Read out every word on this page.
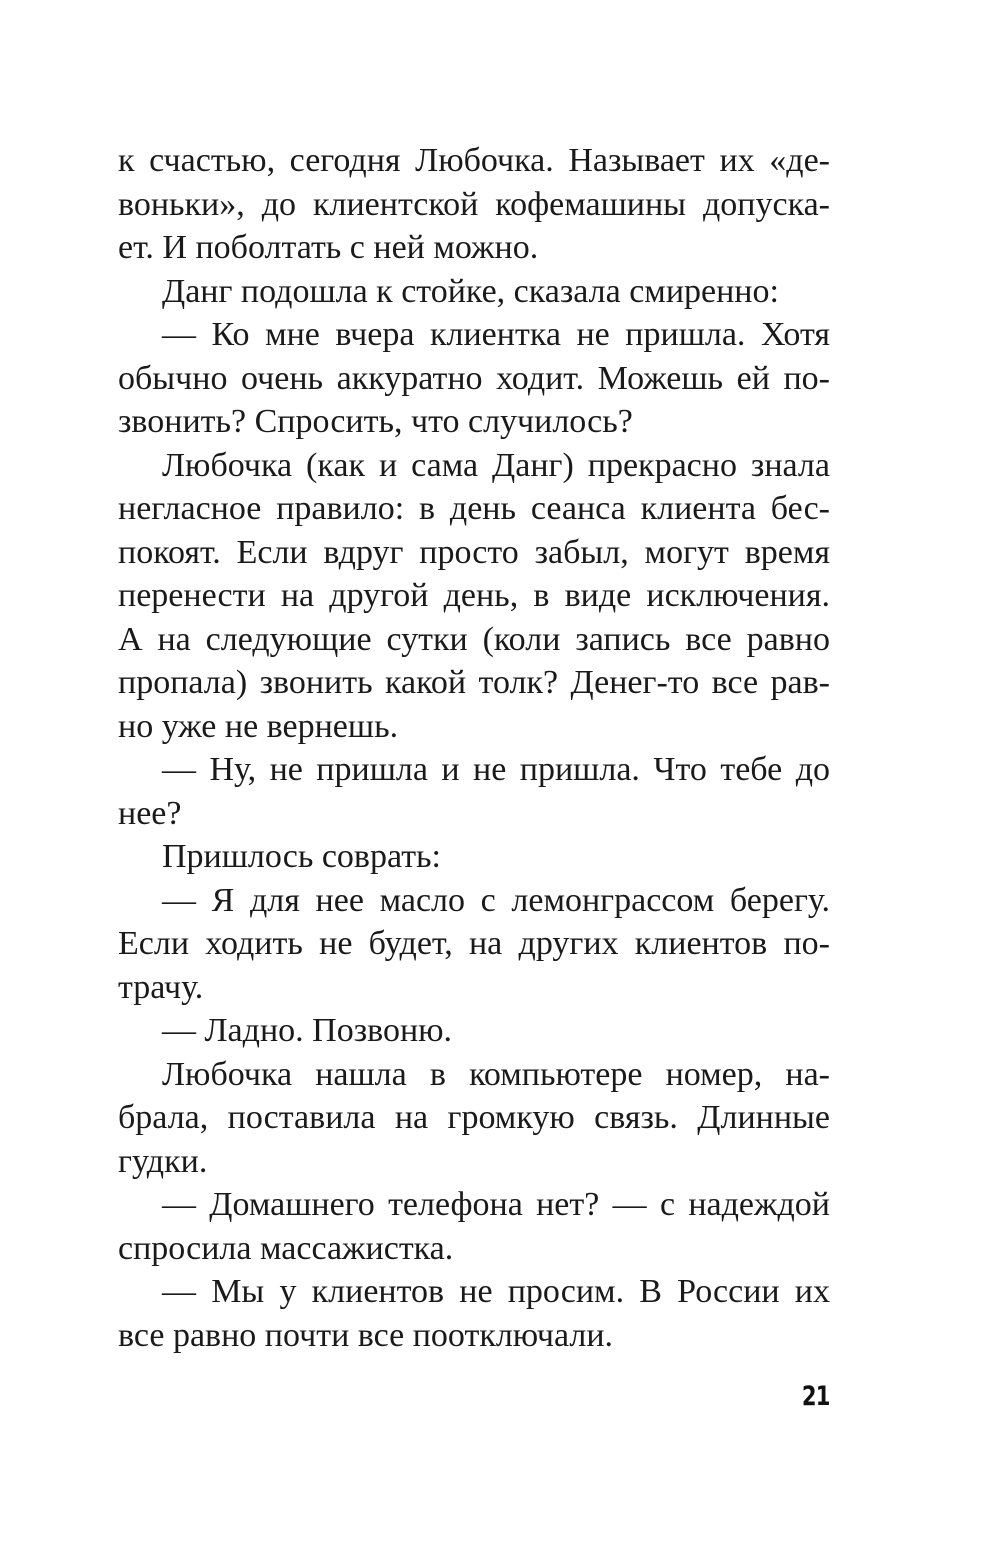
к счастью, сегодня Любочка. Называет их «де-
воньки», до клиентской кофемашины допуска-
ет. И поболтать с ней можно.
Данг подошла к стойке, сказала смиренно:
— Ко мне вчера клиентка не пришла. Хотя
обычно очень аккуратно ходит. Можешь ей по-
звонить? Спросить, что случилось?
Любочка (как и сама Данг) прекрасно знала
негласное правило: в день сеанса клиента бес-
покоят. Если вдруг просто забыл, могут время
перенести на другой день, в виде исключения.
А на следующие сутки (коли запись все равно
пропала) звонить какой толк? Денег-то все рав-
но уже не вернешь.
— Ну, не пришла и не пришла. Что тебе до
нее?
Пришлось соврать:
— Я для нее масло с лемонграссом берегу.
Если ходить не будет, на других клиентов по-
трачу.
— Ладно. Позвоню.
Любочка нашла в компьютере номер, на-
брала, поставила на громкую связь. Длинные
гудки.
— Домашнего телефона нет? — с надеждой
спросила массажистка.
— Мы у клиентов не просим. В России их
все равно почти все поотключали.
21
